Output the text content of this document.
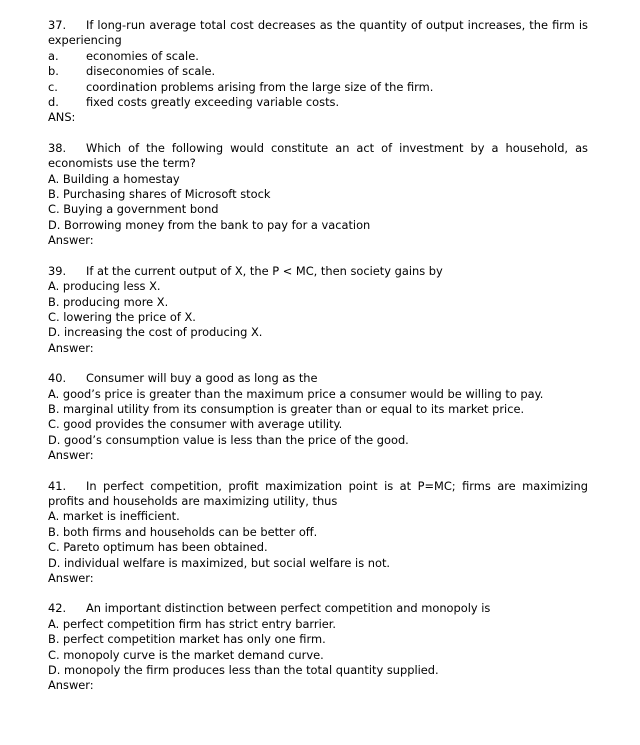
37. If long-run average total cost decreases as the quantity of output increases, the firm is experiencing
a.	economies of scale.
b.	diseconomies of scale.
c.	coordination problems arising from the large size of the firm.
d.	fixed costs greatly exceeding variable costs.
ANS:
38. Which of the following would constitute an act of investment by a household, as economists use the term?
A. Building a homestay
B. Purchasing shares of Microsoft stock
C. Buying a government bond
D. Borrowing money from the bank to pay for a vacation
Answer:
39. If at the current output of X, the P < MC, then society gains by
A. producing less X.
B. producing more X.
C. lowering the price of X.
D. increasing the cost of producing X.
Answer:
40. Consumer will buy a good as long as the
A. good’s price is greater than the maximum price a consumer would be willing to pay.
B. marginal utility from its consumption is greater than or equal to its market price.
C. good provides the consumer with average utility.
D. good’s consumption value is less than the price of the good.
Answer:
41. In perfect competition, profit maximization point is at P=MC; firms are maximizing profits and households are maximizing utility, thus
A. market is inefficient.
B. both firms and households can be better off.
C. Pareto optimum has been obtained.
D. individual welfare is maximized, but social welfare is not.
Answer:
42. An important distinction between perfect competition and monopoly is
A. perfect competition firm has strict entry barrier.
B. perfect competition market has only one firm.
C. monopoly curve is the market demand curve.
D. monopoly the firm produces less than the total quantity supplied.
Answer:
